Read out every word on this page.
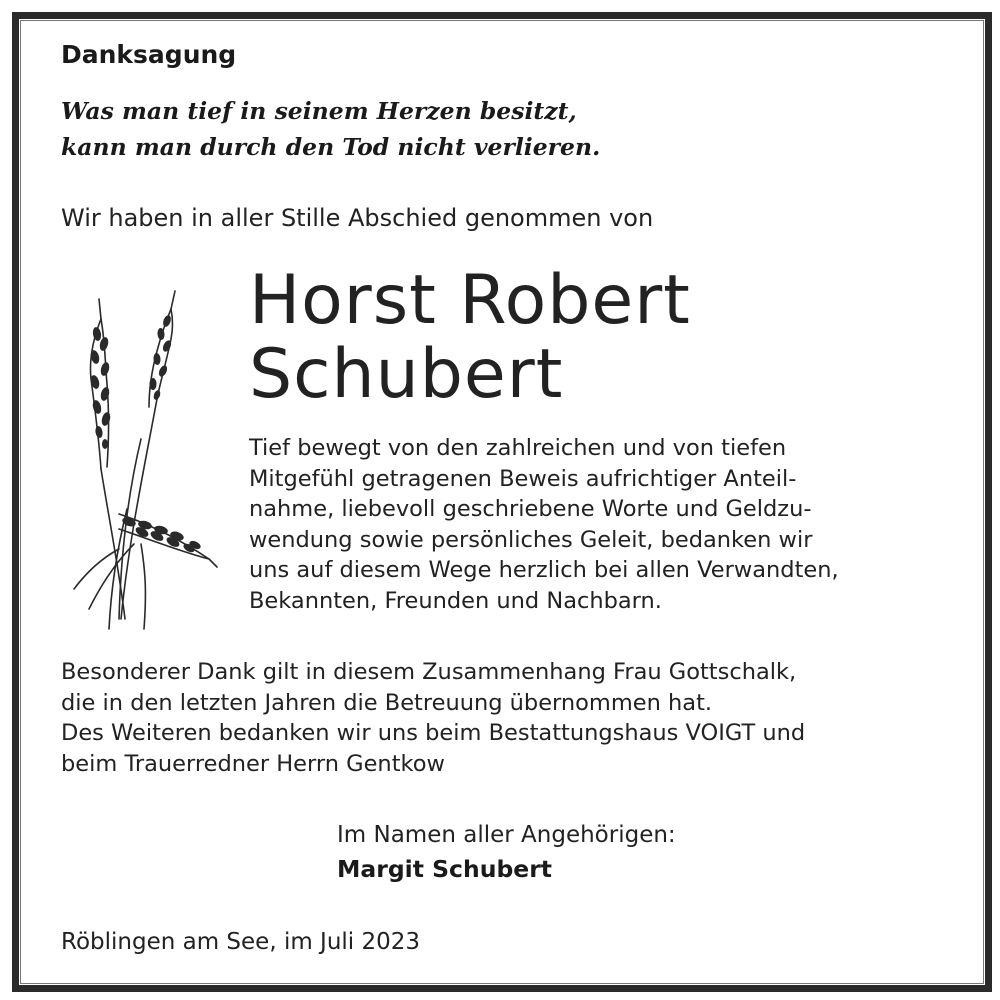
Danksagung
Was man tief in seinem Herzen besitzt,
kann man durch den Tod nicht verlieren.
Wir haben in aller Stille Abschied genommen von
Horst Robert
Schubert
Tief bewegt von den zahlreichen und von tiefen
Mitgefühl getragenen Beweis aufrichtiger Anteil-
nahme, liebevoll geschriebene Worte und Geldzu-
wendung sowie persönliches Geleit, bedanken wir
uns auf diesem Wege herzlich bei allen Verwandten,
Bekannten, Freunden und Nachbarn.
Besonderer Dank gilt in diesem Zusammenhang Frau Gottschalk,
die in den letzten Jahren die Betreuung übernommen hat.
Des Weiteren bedanken wir uns beim Bestattungshaus VOIGT und
beim Trauerredner Herrn Gentkow
Im Namen aller Angehörigen:
Margit Schubert
Röblingen am See, im Juli 2023
